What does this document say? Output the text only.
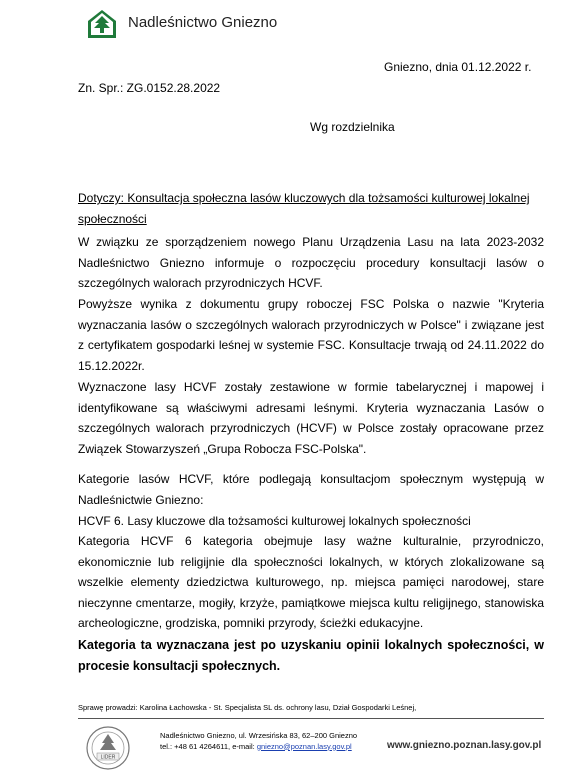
Nadleśnictwo Gniezno
Gniezno, dnia 01.12.2022 r.
Zn. Spr.: ZG.0152.28.2022
Wg rozdzielnika
Dotyczy: Konsultacja społeczna lasów kluczowych dla tożsamości kulturowej lokalnej społeczności
W związku ze sporządzeniem nowego Planu Urządzenia Lasu na lata 2023-2032 Nadleśnictwo Gniezno informuje o rozpoczęciu procedury konsultacji lasów o szczególnych walorach przyrodniczych HCVF.
Powyższe wynika z dokumentu grupy roboczej FSC Polska o nazwie "Kryteria wyznaczania lasów o szczególnych walorach przyrodniczych w Polsce" i związane jest z certyfikatem gospodarki leśnej w systemie FSC. Konsultacje trwają od 24.11.2022 do 15.12.2022r.
Wyznaczone lasy HCVF zostały zestawione w formie tabelarycznej i mapowej i identyfikowane są właściwymi adresami leśnymi. Kryteria wyznaczania Lasów o szczególnych walorach przyrodniczych (HCVF) w Polsce zostały opracowane przez Związek Stowarzyszeń „Grupa Robocza FSC-Polska".
Kategorie lasów HCVF, które podlegają konsultacjom społecznym występują w Nadleśnictwie Gniezno:
HCVF 6. Lasy kluczowe dla tożsamości kulturowej lokalnych społeczności
Kategoria HCVF 6 kategoria obejmuje lasy ważne kulturalnie, przyrodniczo, ekonomicznie lub religijnie dla społeczności lokalnych, w których zlokalizowane są wszelkie elementy dziedzictwa kulturowego, np. miejsca pamięci narodowej, stare nieczynne cmentarze, mogiły, krzyże, pamiątkowe miejsca kultu religijnego, stanowiska archeologiczne, grodziska, pomniki przyrody, ścieżki edukacyjne.
Kategoria ta wyznaczana jest po uzyskaniu opinii lokalnych społeczności, w procesie konsultacji społecznych.
Sprawę prowadzi: Karolina Łachowska - St. Specjalista SL ds. ochrony lasu, Dział Gospodarki Leśnej,
LIDER
Nadleśnictwo Gniezno, ul. Wrzesińska 83, 62–200 Gniezno
tel.: +48 61 4264611, e-mail: gniezno@poznan.lasy.gov.pl	www.gniezno.poznan.lasy.gov.pl
